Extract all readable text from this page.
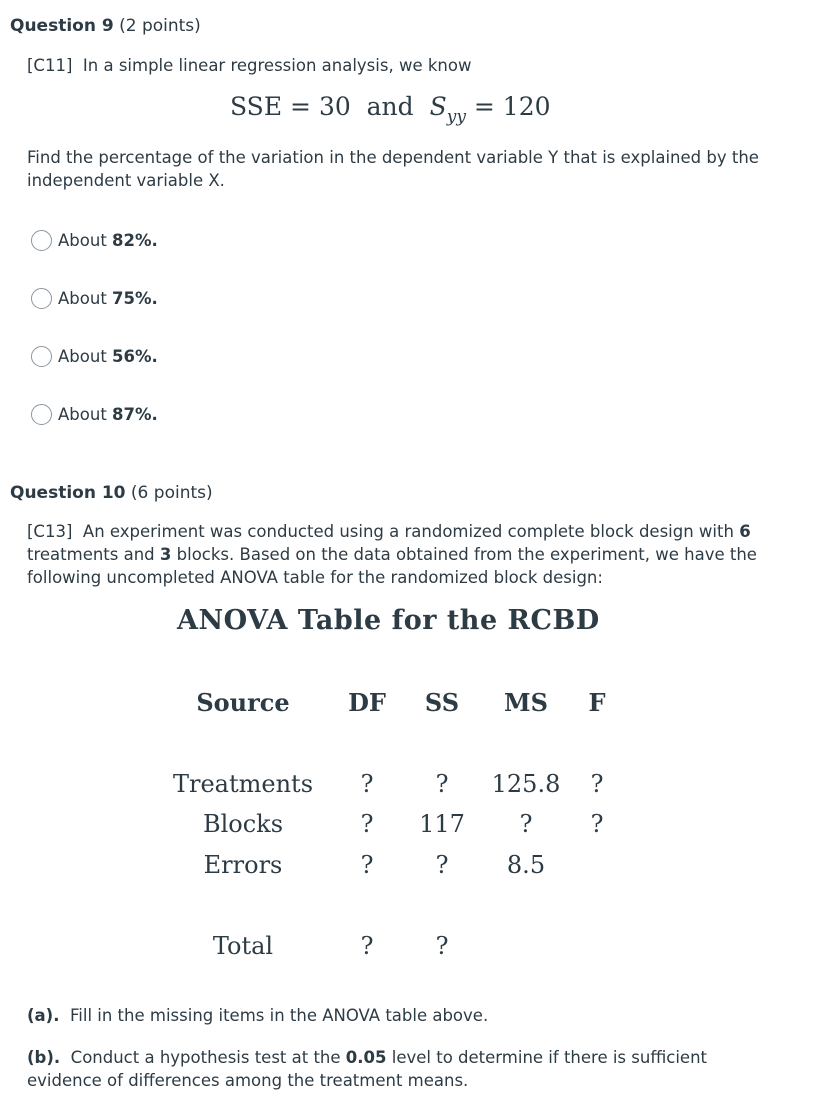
Question 9 (2 points)
[C11] In a simple linear regression analysis, we know
SSE = 30 and $S_{yy} = 120$
Find the percentage of the variation in the dependent variable Y that is explained by the independent variable X.
About
82%.
About
75%.
About
56%.
About
87%.
Question 10 (6 points)
[C13] An experiment was conducted using a randomized complete block design with 6 treatments and 3 blocks. Based on the data obtained from the experiment, we have the following uncompleted ANOVA table for the randomized block design:
ANOVA Table for the RCBD
Source DF SS MS F
Treatments ?	? 125.8 ?
Blocks	? 117 ? ?
Errors	?	? 8.5
Total	?	?
(a). Fill in the missing items in the ANOVA table above.
(b). Conduct a hypothesis test at the 0.05 level to determine if there is sufficient evidence of differences among the treatment means.
